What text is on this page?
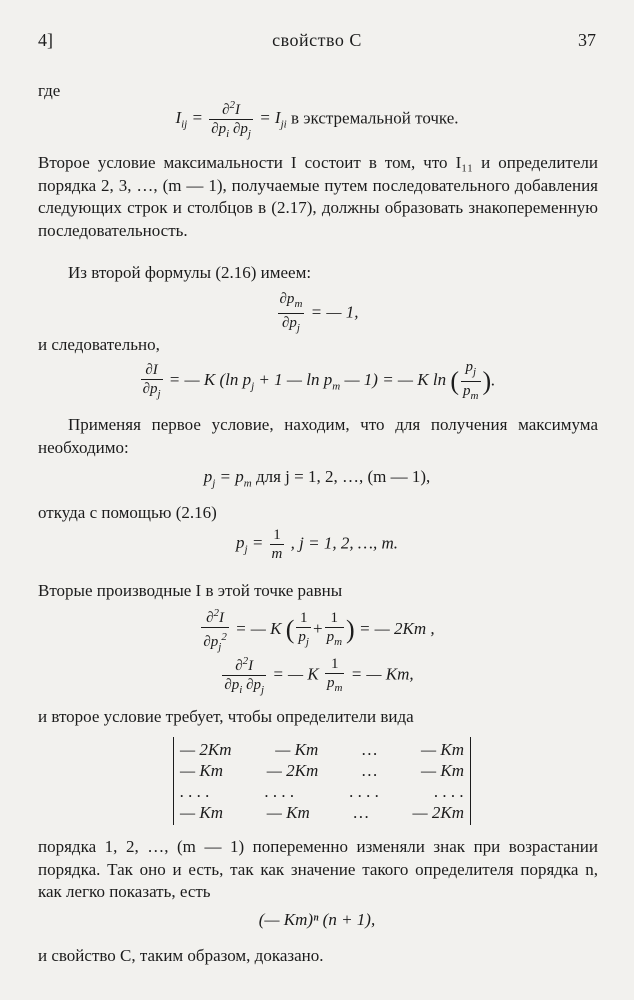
4]	свойство C	37
где
$I_{ij} = \frac{\partial^2I}{\partial p_i \partial p_j} = I_{ji}$ в экстремальной точке.
Второе условие максимальности I состоит в том, что I₁₁ и определители порядка 2, 3, …, (m — 1), получаемые путем последовательного добавления следующих строк и столбцов в (2.17), должны образовать знакопеременную последовательность.
Из второй формулы (2.16) имеем:
$\frac{\partial p_m}{\partial p_j}$ = — 1,
и следовательно,
$\frac{\partial I}{\partial p_j}$ = — K (ln $p_j + 1$ — $\ln p_m$ — 1) = — K ln ( $\frac{p_j}{p_m}$ ).
Применяя первое условие, находим, что для получения максимума необходимо:
$p_j = p_m$ для j = 1, 2, …, (m — 1),
откуда с помощью (2.16)
$p_j = \frac{1}{m}$ , j = 1, 2, …, m.
Вторые производные I в этой точке равны
$\frac{\partial^2I}{\partial p_j^2}$ = — K ( $\frac{1}{p_j} + \frac{1}{p_m}$ ) = — 2Km ,
$\frac{\partial^2I}{\partial p_i \partial p_j}$ = — K $\frac{1}{p_m}$ = — Km,
и второе условие требует, чтобы определители вида
— 2Km	— Km	…	— Km
— Km	— 2Km	…	— Km
. . . .	. . . .	. . . .	. . . .
— Km	— Km	…	— 2Km
порядка 1, 2, …, (m — 1) попеременно изменяли знак при возрастании порядка. Так оно и есть, так как значение такого определителя порядка n, как легко показать, есть
(— Km)ⁿ (n + 1),
и свойство C, таким образом, доказано.
